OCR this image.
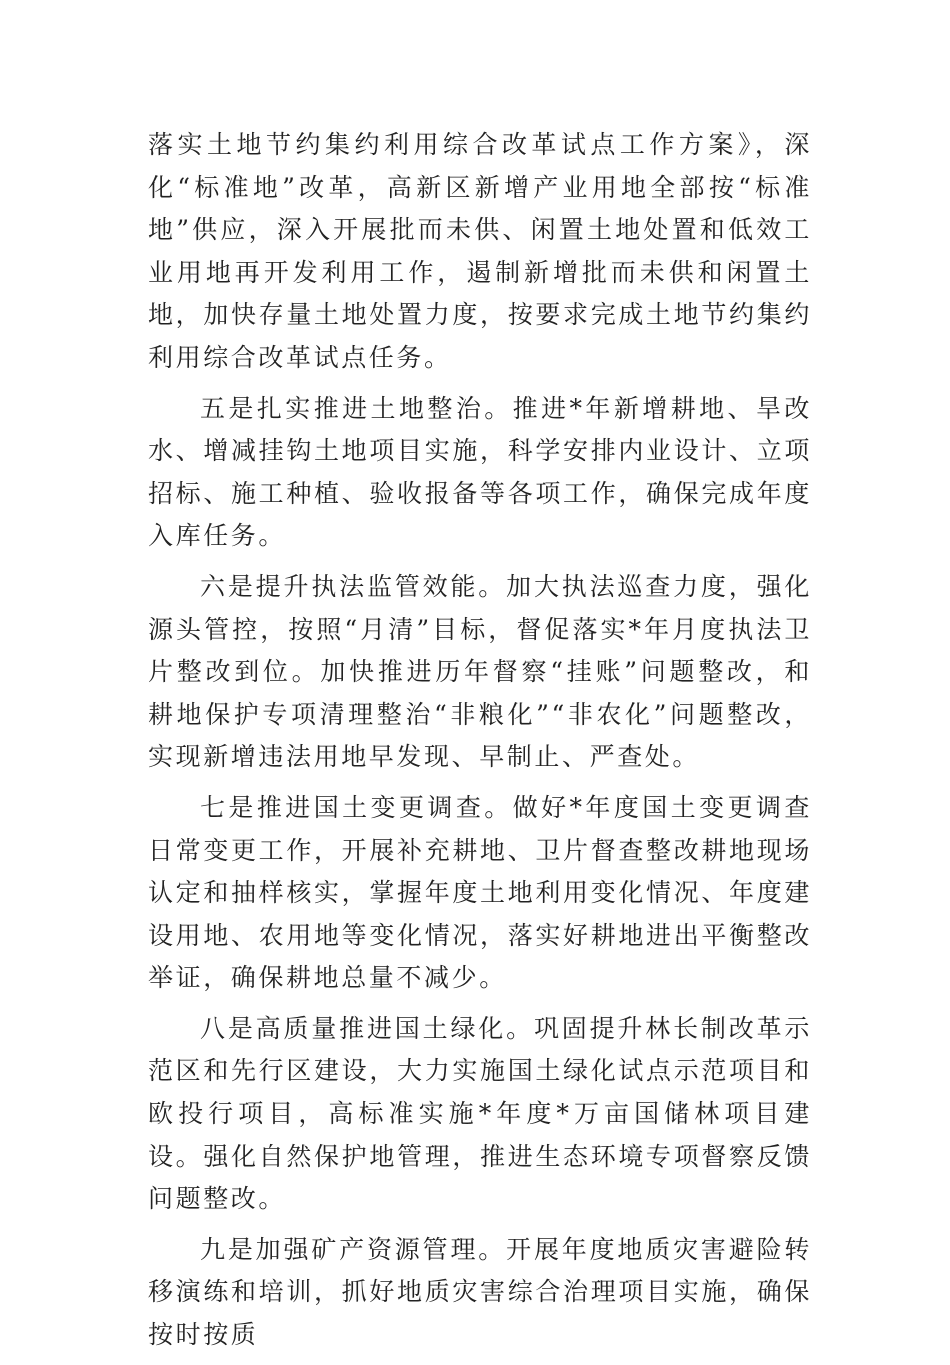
落实土地节约集约利用综合改革试点工作方案》，深化“标准地”改革，高新区新增产业用地全部按“标准地”供应，深入开展批而未供、闲置土地处置和低效工业用地再开发利用工作，遏制新增批而未供和闲置土地，加快存量土地处置力度，按要求完成土地节约集约利用综合改革试点任务。

五是扎实推进土地整治。推进*年新增耕地、旱改水、增减挂钩土地项目实施，科学安排内业设计、立项招标、施工种植、验收报备等各项工作，确保完成年度入库任务。

六是提升执法监管效能。加大执法巡查力度，强化源头管控，按照“月清”目标，督促落实*年月度执法卫片整改到位。加快推进历年督察“挂账”问题整改，和耕地保护专项清理整治“非粮化”“非农化”问题整改，实现新增违法用地早发现、早制止、严查处。

七是推进国土变更调查。做好*年度国土变更调查日常变更工作，开展补充耕地、卫片督查整改耕地现场认定和抽样核实，掌握年度土地利用变化情况、年度建设用地、农用地等变化情况，落实好耕地进出平衡整改举证，确保耕地总量不减少。

八是高质量推进国土绿化。巩固提升林长制改革示范区和先行区建设，大力实施国土绿化试点示范项目和欧投行项目，高标准实施*年度*万亩国储林项目建设。强化自然保护地管理，推进生态环境专项督察反馈问题整改。

九是加强矿产资源管理。开展年度地质灾害避险转移演练和培训，抓好地质灾害综合治理项目实施，确保按时按质
